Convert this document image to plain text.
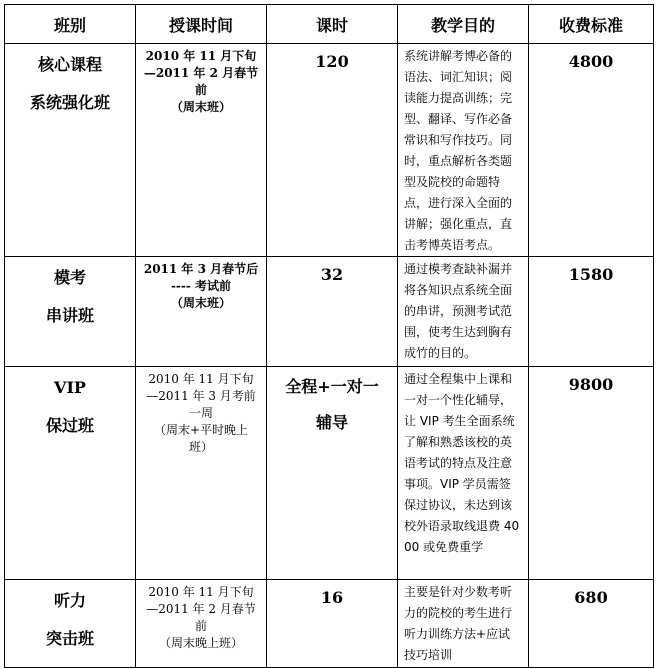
班别	授课时间	课时	教学目的	收费标准

核心课程
系统强化班	2010 年 11 月下旬
—2011 年 2 月春节
前
（周末班）	120	系统讲解考博必备的语法、词汇知识；阅读能力提高训练；完型、翻译、写作必备常识和写作技巧。同时，重点解析各类题型及院校的命题特点，进行深入全面的讲解；强化重点，直击考博英语考点。	4800

模考
串讲班	2011 年 3 月春节后
---- 考试前
（周末班）	32	通过模考查缺补漏并将各知识点系统全面的串讲，预测考试范围，使考生达到胸有成竹的目的。	1580

VIP
保过班	2010 年 11 月下旬
—2011 年 3 月考前
一周
（周末+平时晚上
班）	全程+一对一
辅导	通过全程集中上课和一对一个性化辅导，让 VIP 考生全面系统了解和熟悉该校的英语考试的特点及注意事项。VIP 学员需签保过协议，未达到该校外语录取线退费 4000 或免费重学	9800

听力
突击班	2010 年 11 月下旬
—2011 年 2 月春节
前
（周末晚上班）	16	主要是针对少数考听力的院校的考生进行听力训练方法+应试技巧培训	680
